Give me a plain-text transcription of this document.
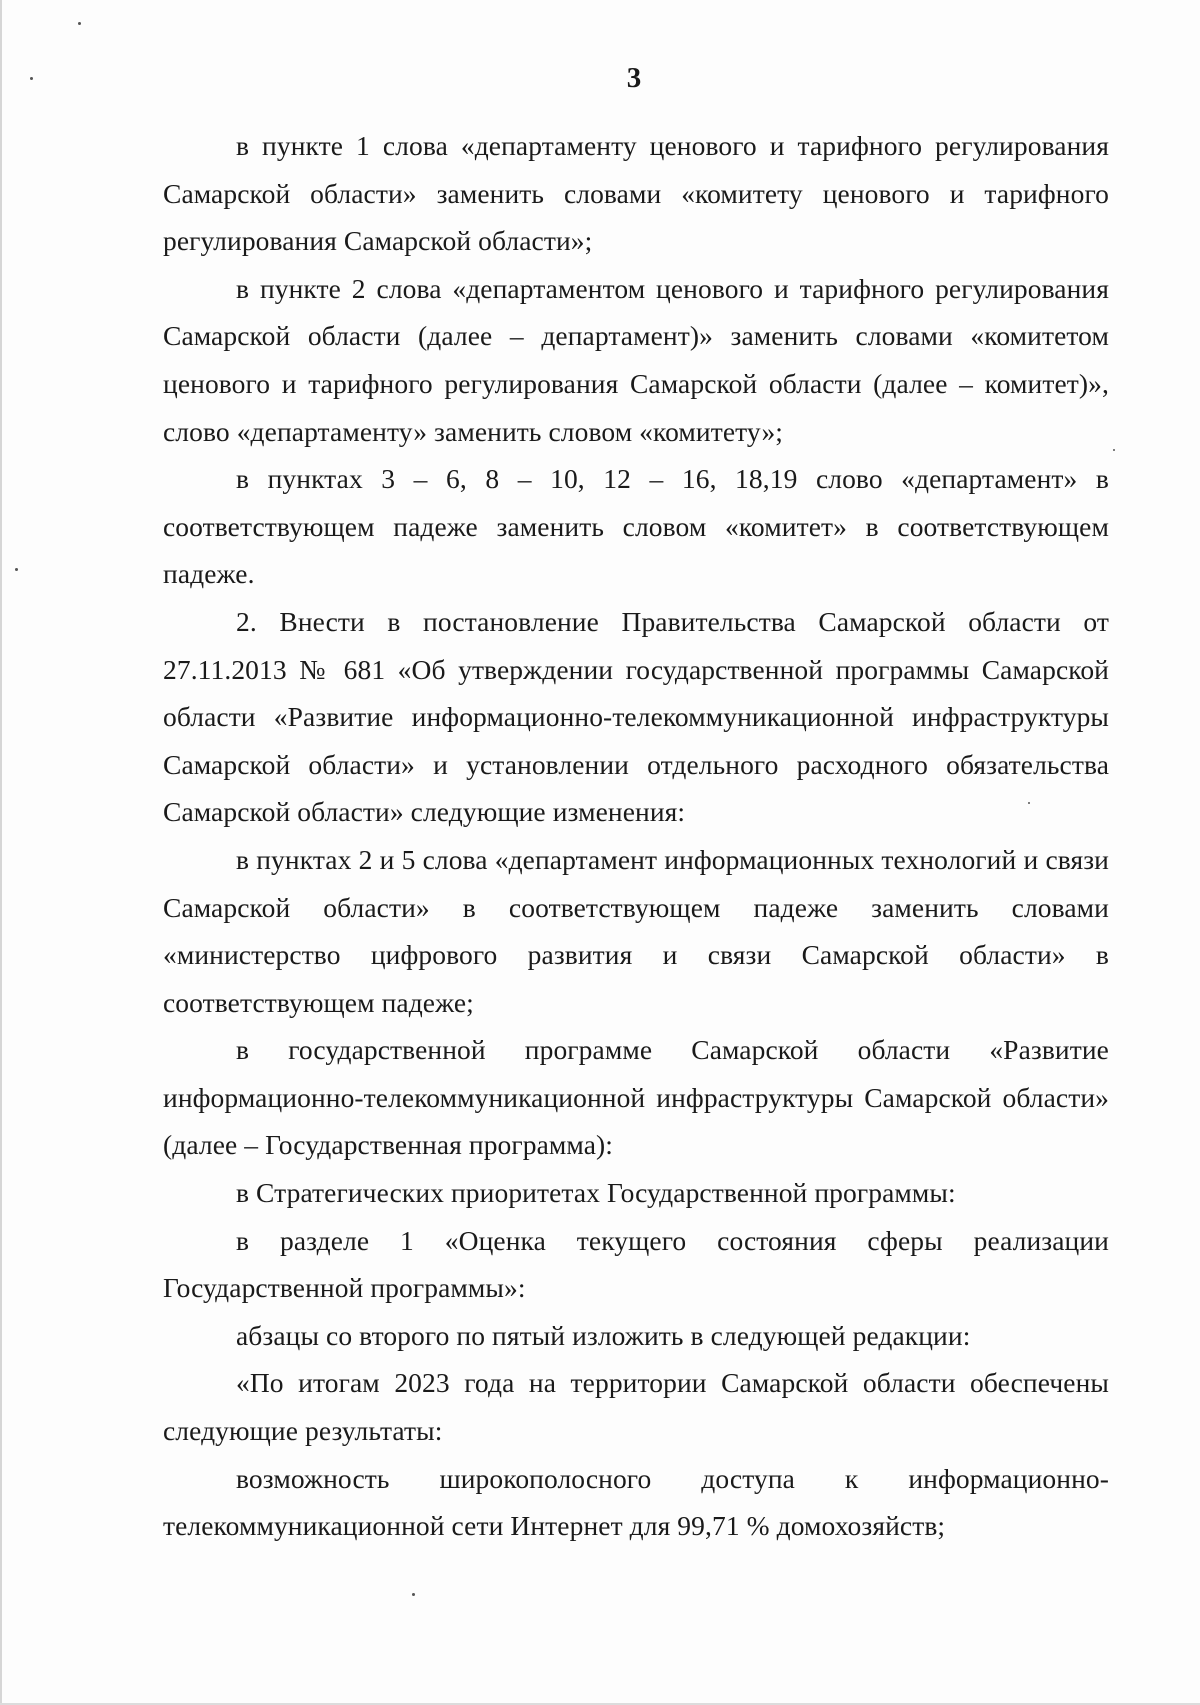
3

в пункте 1 слова «департаменту ценового и тарифного регулирования Самарской области» заменить словами «комитету ценового и тарифного регулирования Самарской области»;

в пункте 2 слова «департаментом ценового и тарифного регулирования Самарской области (далее – департамент)» заменить словами «комитетом ценового и тарифного регулирования Самарской области (далее – комитет)», слово «департаменту» заменить словом «комитету»;

в пунктах 3 – 6, 8 – 10, 12 – 16, 18,19 слово «департамент» в соответствующем падеже заменить словом «комитет» в соответствующем падеже.

2. Внести в постановление Правительства Самарской области от 27.11.2013 № 681 «Об утверждении государственной программы Самарской области «Развитие информационно-телекоммуникационной инфраструктуры Самарской области» и установлении отдельного расходного обязательства Самарской области» следующие изменения:

в пунктах 2 и 5 слова «департамент информационных технологий и связи Самарской области» в соответствующем падеже заменить словами «министерство цифрового развития и связи Самарской области» в соответствующем падеже;

в государственной программе Самарской области «Развитие информационно-телекоммуникационной инфраструктуры Самарской области» (далее – Государственная программа):

в Стратегических приоритетах Государственной программы:

в разделе 1 «Оценка текущего состояния сферы реализации Государственной программы»:

абзацы со второго по пятый изложить в следующей редакции:

«По итогам 2023 года на территории Самарской области обеспечены следующие результаты:

возможность широкополосного доступа к информационно-телекоммуникационной сети Интернет для 99,71 % домохозяйств;
